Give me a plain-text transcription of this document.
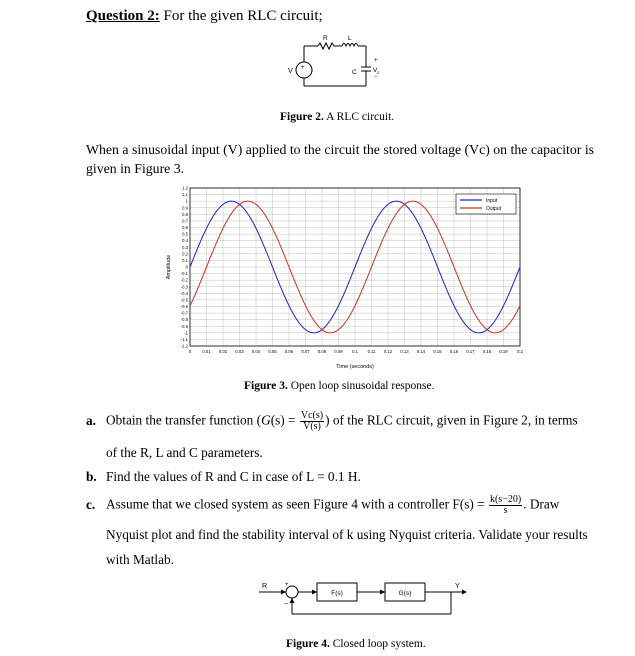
Question 2: For the given RLC circuit;
+
V
R	L
C
+
−
V c
Figure 2. A RLC circuit.
When a sinusoidal input (V) applied to the circuit the stored voltage (Vc) on the capacitor is given in Figure 3.
0	0.01 0.02 0.03 0.04 0.05 0.06 0.07 0.08 0.09 0.1 0.11 0.12 0.13 0.14 0.15 0.16 0.17 0.18 0.19 0.2
1.2
1.1
1
0.9
0.8
0.7
0.6
0.5
0.4
0.3
0.2
0.1
0
-0.1
-0.2
-0.3
-0.4
-0.5
-0.6
-0.7
-0.8
-0.9
-1
-1.1
-1.2
Input
Output
Time (seconds)
Amplitude
Figure 3. Open loop sinusoidal response.
a. Obtain the transfer function ($G(s) = \frac{Vc(s)}{V(s)}$ ) of the RLC circuit, given in Figure 2, in terms
of the R, L and C parameters.
b. Find the values of R and C in case of L = 0.1 H.
c. Assume that we closed system as seen Figure 4 with a controller $F(s) = \frac{k(s-20)}{s}$ . Draw
Nyquist plot and find the stability interval of k using Nyquist criteria. Validate your results
with Matlab.
R	Y
+
−
F(s)	G(s)
Figure 4. Closed loop system.
